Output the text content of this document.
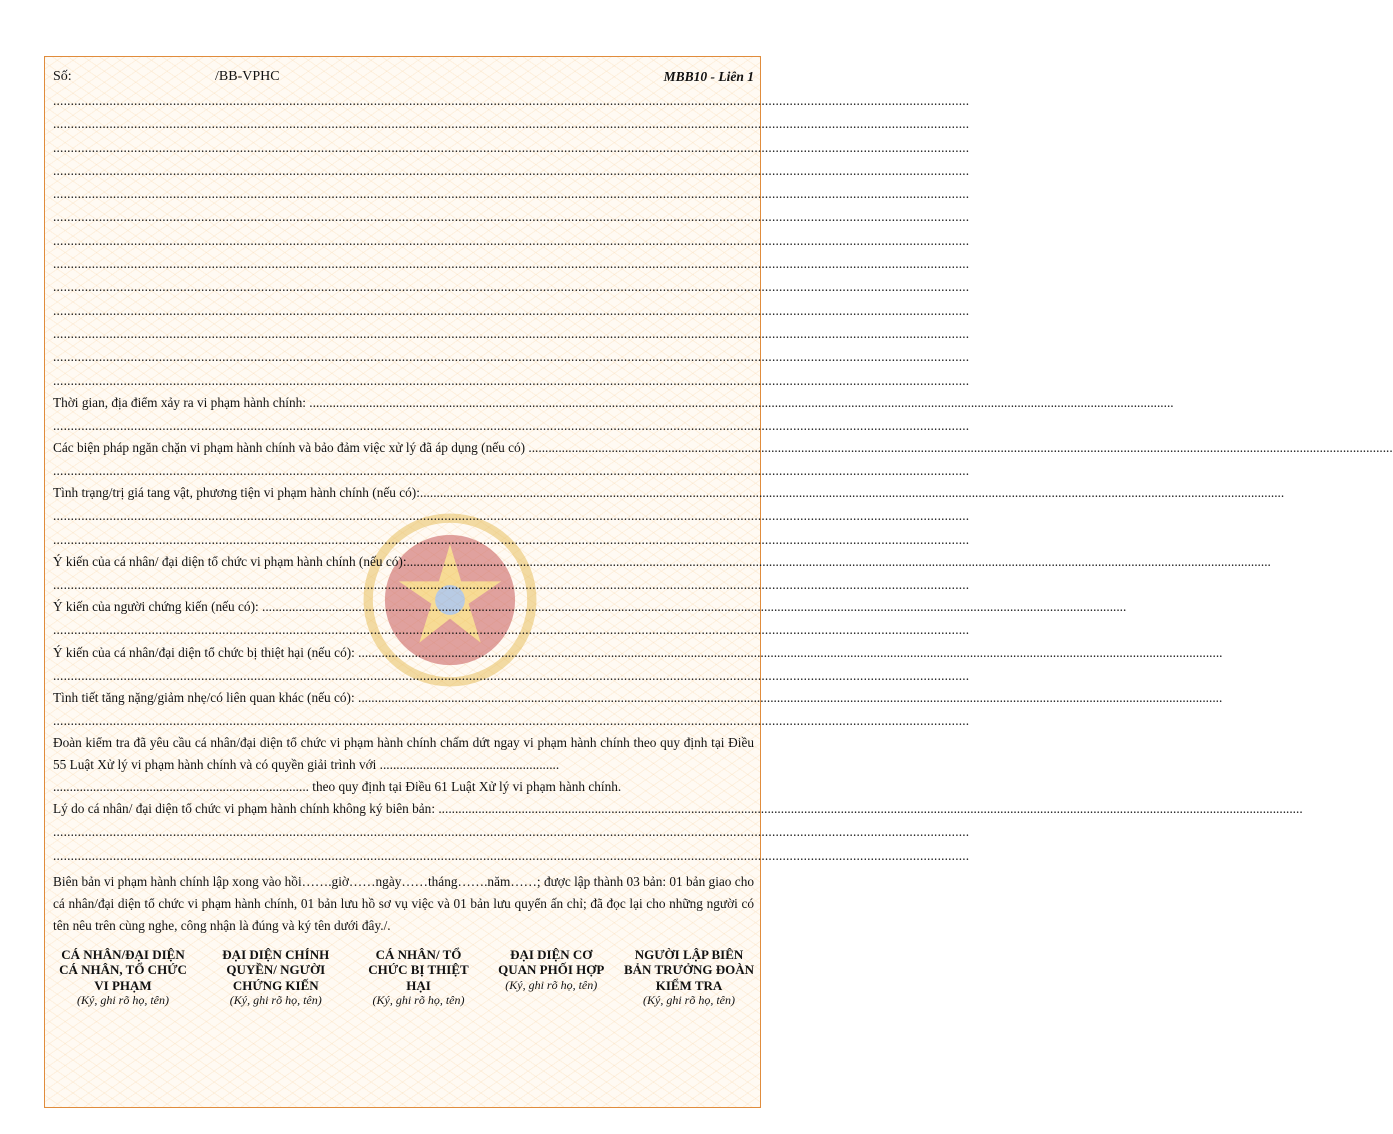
Số:	/BB-VPHC	MBB10 - Liên 1
....................................................................................................................................................................................................................................................................
....................................................................................................................................................................................................................................................................
....................................................................................................................................................................................................................................................................
....................................................................................................................................................................................................................................................................
....................................................................................................................................................................................................................................................................
....................................................................................................................................................................................................................................................................
....................................................................................................................................................................................................................................................................
....................................................................................................................................................................................................................................................................
....................................................................................................................................................................................................................................................................
....................................................................................................................................................................................................................................................................
....................................................................................................................................................................................................................................................................
....................................................................................................................................................................................................................................................................
....................................................................................................................................................................................................................................................................
Thời gian, địa điểm xảy ra vi phạm hành chính: ....................................................................................................................................................................................................................................................................
....................................................................................................................................................................................................................................................................
Các biện pháp ngăn chặn vi phạm hành chính và bảo đảm việc xử lý đã áp dụng (nếu có) ....................................................................................................................................................................................................................................................................
....................................................................................................................................................................................................................................................................
Tình trạng/trị giá tang vật, phương tiện vi phạm hành chính (nếu có):....................................................................................................................................................................................................................................................................
....................................................................................................................................................................................................................................................................
....................................................................................................................................................................................................................................................................
Ý kiến của cá nhân/ đại diện tổ chức vi phạm hành chính (nếu có):....................................................................................................................................................................................................................................................................
....................................................................................................................................................................................................................................................................
Ý kiến của người chứng kiến (nếu có): ....................................................................................................................................................................................................................................................................
....................................................................................................................................................................................................................................................................
Ý kiến của cá nhân/đại diện tổ chức bị thiệt hại (nếu có): ....................................................................................................................................................................................................................................................................
....................................................................................................................................................................................................................................................................
Tình tiết tăng nặng/giảm nhẹ/có liên quan khác (nếu có): ....................................................................................................................................................................................................................................................................
....................................................................................................................................................................................................................................................................
Đoàn kiểm tra đã yêu cầu cá nhân/đại diện tổ chức vi phạm hành chính chấm dứt ngay vi phạm hành chính theo quy định tại Điều 55 Luật Xử lý vi phạm hành chính và có quyền giải trình với ......................................................
............................................................................. theo quy định tại Điều 61 Luật Xử lý vi phạm hành chính.
Lý do cá nhân/ đại diện tổ chức vi phạm hành chính không ký biên bản: ....................................................................................................................................................................................................................................................................
....................................................................................................................................................................................................................................................................
....................................................................................................................................................................................................................................................................
Biên bản vi phạm hành chính lập xong vào hồi…….giờ……ngày……tháng…….năm……; được lập thành 03 bản: 01 bản giao cho cá nhân/đại diện tổ chức vi phạm hành chính, 01 bản lưu hồ sơ vụ việc và 01 bản lưu quyển ấn chỉ; đã đọc lại cho những người có tên nêu trên cùng nghe, công nhận là đúng và ký tên dưới đây./.
CÁ NHÂN/ĐẠI DIỆN CÁ NHÂN, TỔ CHỨC VI PHẠM
(Ký, ghi rõ họ, tên)
ĐẠI DIỆN CHÍNH QUYỀN/ NGƯỜI CHỨNG KIẾN
(Ký, ghi rõ họ, tên)
CÁ NHÂN/ TỔ CHỨC BỊ THIỆT HẠI
(Ký, ghi rõ họ, tên)
ĐẠI DIỆN CƠ QUAN PHỐI HỢP
(Ký, ghi rõ họ, tên)
NGƯỜI LẬP BIÊN BẢN TRƯỞNG ĐOÀN KIỂM TRA
(Ký, ghi rõ họ, tên)
